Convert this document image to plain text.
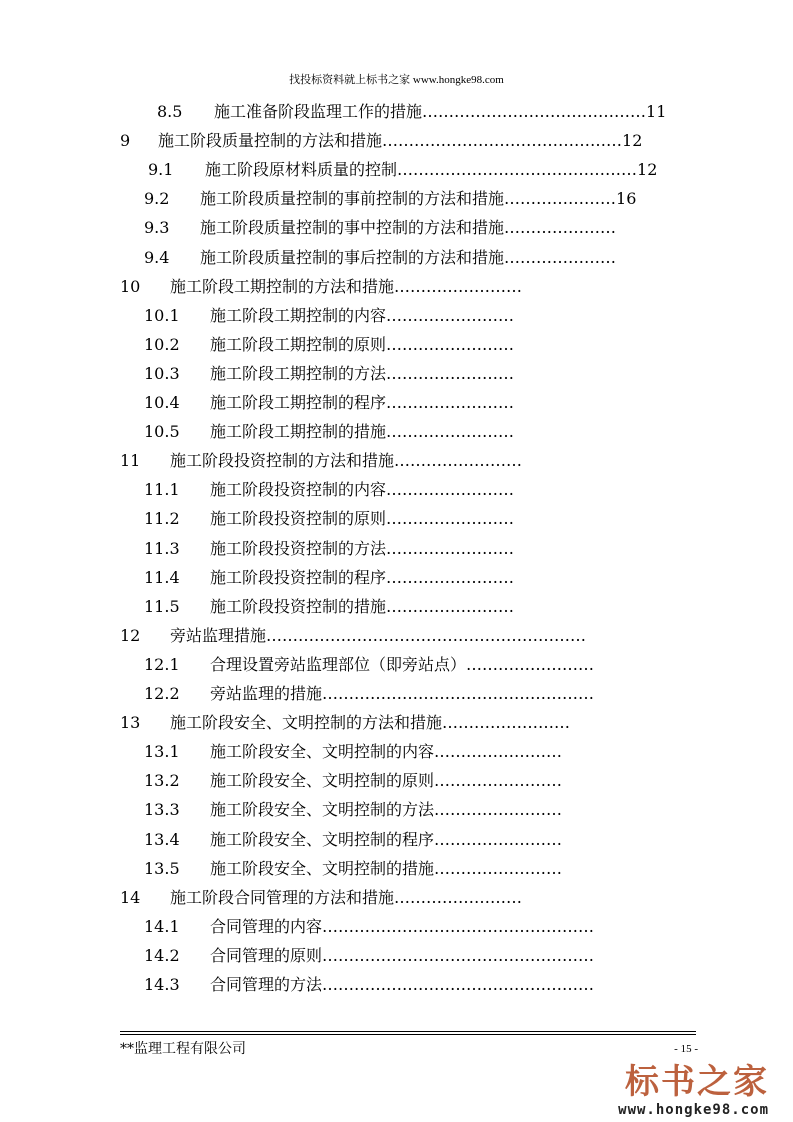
找投标资料就上标书之家 www.hongke98.com
8.5 施工准备阶段监理工作的措施……………………………………11
9 施工阶段质量控制的方法和措施………………………………………12
9.1 施工阶段原材料质量的控制………………………………………12
9.2 施工阶段质量控制的事前控制的方法和措施…………………16
9.3 施工阶段质量控制的事中控制的方法和措施…………………
9.4 施工阶段质量控制的事后控制的方法和措施…………………
10 施工阶段工期控制的方法和措施……………………
10.1 施工阶段工期控制的内容……………………
10.2 施工阶段工期控制的原则……………………
10.3 施工阶段工期控制的方法……………………
10.4 施工阶段工期控制的程序……………………
10.5 施工阶段工期控制的措施……………………
11 施工阶段投资控制的方法和措施……………………
11.1 施工阶段投资控制的内容……………………
11.2 施工阶段投资控制的原则……………………
11.3 施工阶段投资控制的方法……………………
11.4 施工阶段投资控制的程序……………………
11.5 施工阶段投资控制的措施……………………
12 旁站监理措施……………………………………………………
12.1 合理设置旁站监理部位（即旁站点）……………………
12.2 旁站监理的措施……………………………………………
13 施工阶段安全、文明控制的方法和措施……………………
13.1 施工阶段安全、文明控制的内容……………………
13.2 施工阶段安全、文明控制的原则……………………
13.3 施工阶段安全、文明控制的方法……………………
13.4 施工阶段安全、文明控制的程序……………………
13.5 施工阶段安全、文明控制的措施……………………
14 施工阶段合同管理的方法和措施……………………
14.1 合同管理的内容……………………………………………
14.2 合同管理的原则……………………………………………
14.3 合同管理的方法……………………………………………
**监理工程有限公司	- 15 -
标书之家
www.hongke98.com
